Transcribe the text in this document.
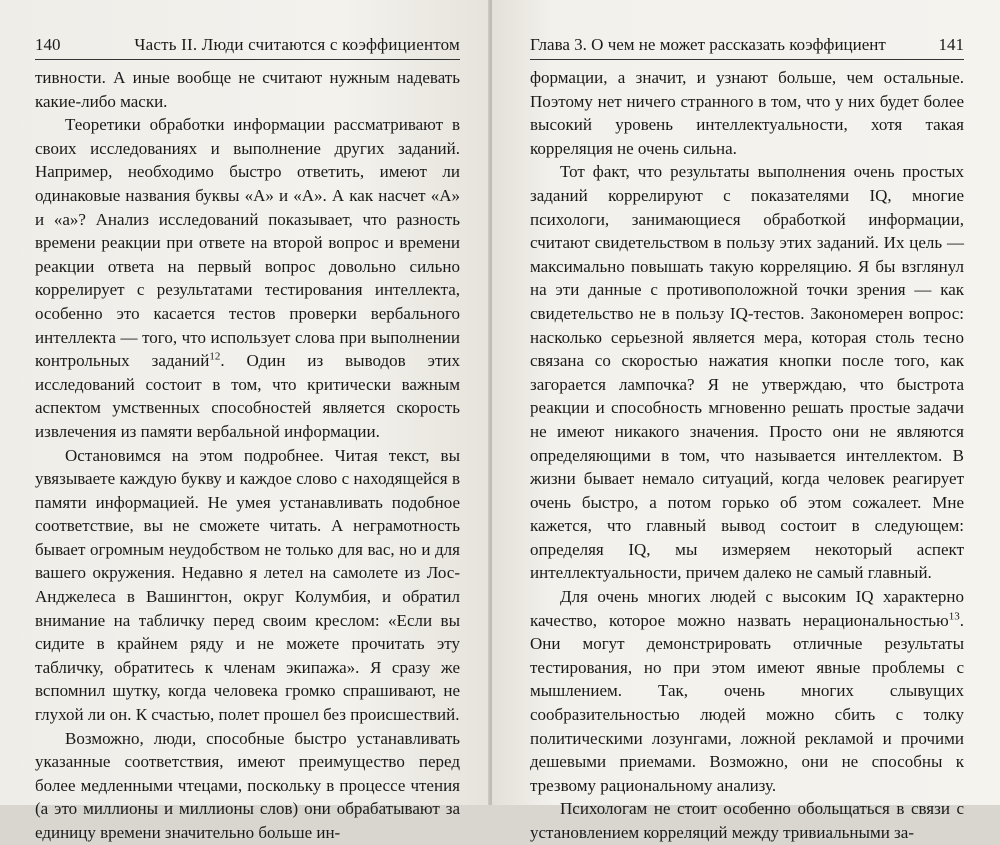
140	Часть II. Люди считаются с коэффициентом

тивности. А иные вообще не считают нужным надевать какие-либо маски.

Теоретики обработки информации рассматривают в своих исследованиях и выполнение других заданий. Например, необходимо быстро ответить, имеют ли одинаковые названия буквы «А» и «А». А как насчет «А» и «а»? Анализ исследований показывает, что разность времени реакции при ответе на второй вопрос и времени реакции ответа на первый вопрос довольно сильно коррелирует с результатами тестирования интеллекта, особенно это касается тестов проверки вербального интеллекта — того, что использует слова при выполнении контрольных заданий$^{12}$. Один из выводов этих исследований состоит в том, что критически важным аспектом умственных способностей является скорость извлечения из памяти вербальной информации.

Остановимся на этом подробнее. Читая текст, вы увязываете каждую букву и каждое слово с находящейся в памяти информацией. Не умея устанавливать подобное соответствие, вы не сможете читать. А неграмотность бывает огромным неудобством не только для вас, но и для вашего окружения. Недавно я летел на самолете из Лос-Анджелеса в Вашингтон, округ Колумбия, и обратил внимание на табличку перед своим креслом: «Если вы сидите в крайнем ряду и не можете прочитать эту табличку, обратитесь к членам экипажа». Я сразу же вспомнил шутку, когда человека громко спрашивают, не глухой ли он. К счастью, полет прошел без происшествий.

Возможно, люди, способные быстро устанавливать указанные соответствия, имеют преимущество перед более медленными чтецами, поскольку в процессе чтения (а это миллионы и миллионы слов) они обрабатывают за единицу времени значительно больше ин-

Глава 3. О чем не может рассказать коэффициент	141

формации, а значит, и узнают больше, чем остальные. Поэтому нет ничего странного в том, что у них будет более высокий уровень интеллектуальности, хотя такая корреляция не очень сильна.

Тот факт, что результаты выполнения очень простых заданий коррелируют с показателями IQ, многие психологи, занимающиеся обработкой информации, считают свидетельством в пользу этих заданий. Их цель — максимально повышать такую корреляцию. Я бы взглянул на эти данные с противоположной точки зрения — как свидетельство не в пользу IQ-тестов. Закономерен вопрос: насколько серьезной является мера, которая столь тесно связана со скоростью нажатия кнопки после того, как загорается лампочка? Я не утверждаю, что быстрота реакции и способность мгновенно решать простые задачи не имеют никакого значения. Просто они не являются определяющими в том, что называется интеллектом. В жизни бывает немало ситуаций, когда человек реагирует очень быстро, а потом горько об этом сожалеет. Мне кажется, что главный вывод состоит в следующем: определяя IQ, мы измеряем некоторый аспект интеллектуальности, причем далеко не самый главный.

Для очень многих людей с высоким IQ характерно качество, которое можно назвать нерациональностью$^{13}$. Они могут демонстрировать отличные результаты тестирования, но при этом имеют явные проблемы с мышлением. Так, очень многих слывущих сообразительностью людей можно сбить с толку политическими лозунгами, ложной рекламой и прочими дешевыми приемами. Возможно, они не способны к трезвому рациональному анализу.

Психологам не стоит особенно обольщаться в связи с установлением корреляций между тривиальными за-
